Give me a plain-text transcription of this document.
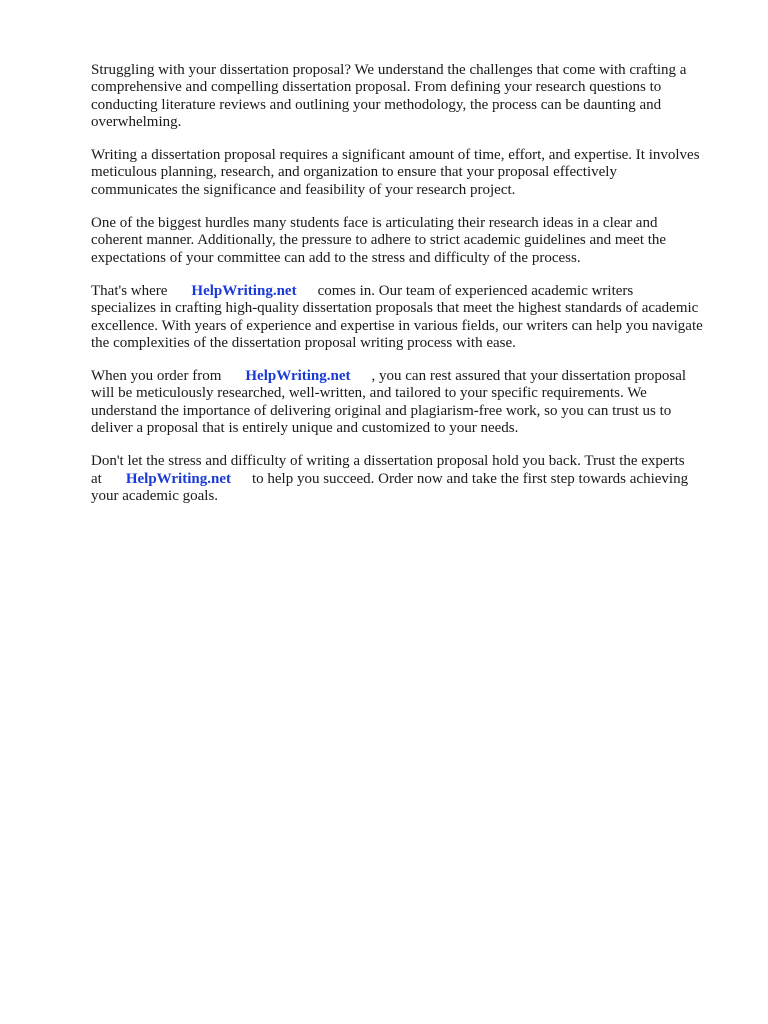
Struggling with your dissertation proposal? We understand the challenges that come with crafting a
comprehensive and compelling dissertation proposal. From defining your research questions to
conducting literature reviews and outlining your methodology, the process can be daunting and
overwhelming.

Writing a dissertation proposal requires a significant amount of time, effort, and expertise. It involves
meticulous planning, research, and organization to ensure that your proposal effectively
communicates the significance and feasibility of your research project.

One of the biggest hurdles many students face is articulating their research ideas in a clear and
coherent manner. Additionally, the pressure to adhere to strict academic guidelines and meet the
expectations of your committee can add to the stress and difficulty of the process.

That's where HelpWriting.net comes in. Our team of experienced academic writers
specializes in crafting high-quality dissertation proposals that meet the highest standards of academic
excellence. With years of experience and expertise in various fields, our writers can help you navigate
the complexities of the dissertation proposal writing process with ease.

When you order from HelpWriting.net , you can rest assured that your dissertation proposal
will be meticulously researched, well-written, and tailored to your specific requirements. We
understand the importance of delivering original and plagiarism-free work, so you can trust us to
deliver a proposal that is entirely unique and customized to your needs.

Don't let the stress and difficulty of writing a dissertation proposal hold you back. Trust the experts
at HelpWriting.net to help you succeed. Order now and take the first step towards achieving
your academic goals.
